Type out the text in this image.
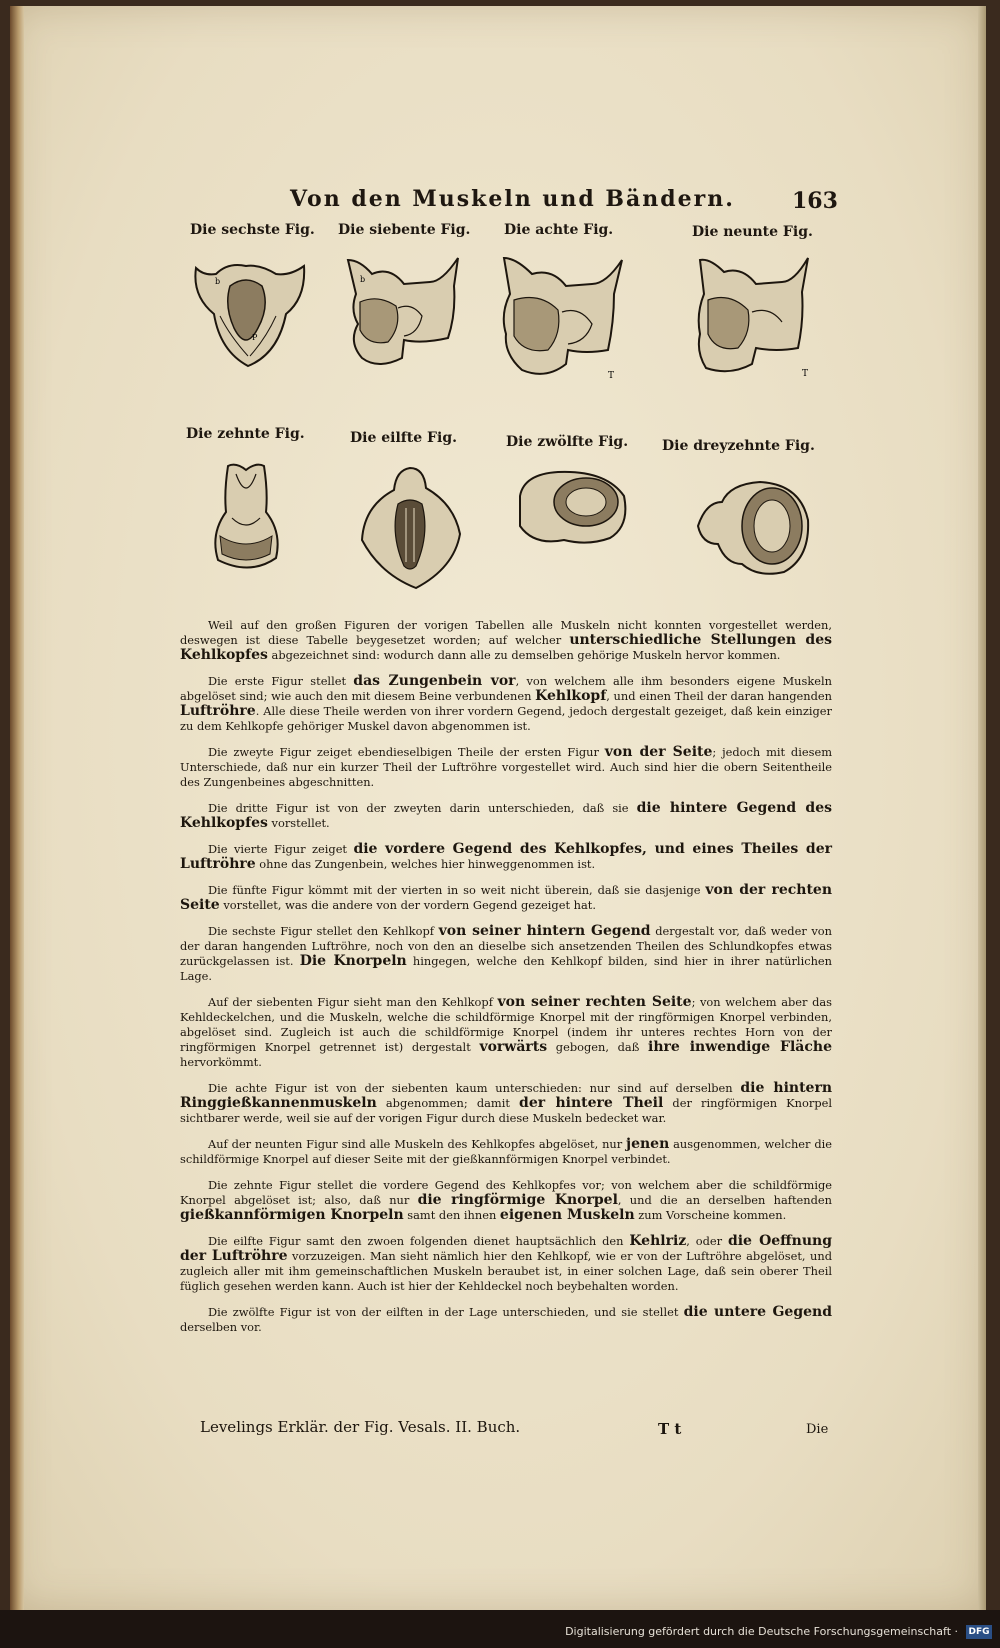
Von den Muskeln und Bändern.	163
Die sechste Fig. Die siebente Fig. Die achte Fig.	Die neunte Fig.
b
P
b
T	T
Die zehnte Fig.	Die eilfte Fig.	Die zwölfte Fig. Die dreyzehnte Fig.

Weil auf den großen Figuren der vorigen Tabellen alle Muskeln nicht konnten vorgestellet werden, deswegen ist diese Tabelle beygesetzet worden; auf welcher unterschiedliche Stellungen des Kehlkopfes abgezeichnet sind: wodurch dann alle zu demselben gehörige Muskeln hervor kommen.

Die erste Figur stellet das Zungenbein vor, von welchem alle ihm besonders eigene Muskeln abgelöset sind; wie auch den mit diesem Beine verbundenen Kehlkopf, und einen Theil der daran hangenden Luftröhre. Alle diese Theile werden von ihrer vordern Gegend, jedoch dergestalt gezeiget, daß kein einziger zu dem Kehlkopfe gehöriger Muskel davon abgenommen ist.

Die zweyte Figur zeiget ebendieselbigen Theile der ersten Figur von der Seite; jedoch mit diesem Unterschiede, daß nur ein kurzer Theil der Luftröhre vorgestellet wird. Auch sind hier die obern Seitentheile des Zungenbeines abgeschnitten.

Die dritte Figur ist von der zweyten darin unterschieden, daß sie die hintere Gegend des Kehlkopfes vorstellet.

Die vierte Figur zeiget die vordere Gegend des Kehlkopfes, und eines Theiles der Luftröhre ohne das Zungenbein, welches hier hinweggenommen ist.

Die fünfte Figur kömmt mit der vierten in so weit nicht überein, daß sie dasjenige von der rechten Seite vorstellet, was die andere von der vordern Gegend gezeiget hat.

Die sechste Figur stellet den Kehlkopf von seiner hintern Gegend dergestalt vor, daß weder von der daran hangenden Luftröhre, noch von den an dieselbe sich ansetzenden Theilen des Schlundkopfes etwas zurückgelassen ist. Die Knorpeln hingegen, welche den Kehlkopf bilden, sind hier in ihrer natürlichen Lage.

Auf der siebenten Figur sieht man den Kehlkopf von seiner rechten Seite; von welchem aber das Kehldeckelchen, und die Muskeln, welche die schildförmige Knorpel mit der ringförmigen Knorpel verbinden, abgelöset sind. Zugleich ist auch die schildförmige Knorpel (indem ihr unteres rechtes Horn von der ringförmigen Knorpel getrennet ist) dergestalt vorwärts gebogen, daß ihre inwendige Fläche hervorkömmt.

Die achte Figur ist von der siebenten kaum unterschieden: nur sind auf derselben die hintern Ringgießkannenmuskeln abgenommen; damit der hintere Theil der ringförmigen Knorpel sichtbarer werde, weil sie auf der vorigen Figur durch diese Muskeln bedecket war.

Auf der neunten Figur sind alle Muskeln des Kehlkopfes abgelöset, nur jenen ausgenommen, welcher die schildförmige Knorpel auf dieser Seite mit der gießkannförmigen Knorpel verbindet.

Die zehnte Figur stellet die vordere Gegend des Kehlkopfes vor; von welchem aber die schildförmige Knorpel abgelöset ist; also, daß nur die ringförmige Knorpel, und die an derselben haftenden gießkannförmigen Knorpeln samt den ihnen eigenen Muskeln zum Vorscheine kommen.

Die eilfte Figur samt den zwoen folgenden dienet hauptsächlich den Kehlriz, oder die Oeffnung der Luftröhre vorzuzeigen. Man sieht nämlich hier den Kehlkopf, wie er von der Luftröhre abgelöset, und zugleich aller mit ihm gemeinschaftlichen Muskeln beraubet ist, in einer solchen Lage, daß sein oberer Theil füglich gesehen werden kann. Auch ist hier der Kehldeckel noch beybehalten worden.

Die zwölfte Figur ist von der eilften in der Lage unterschieden, und sie stellet die untere Gegend derselben vor.

Levelings Erklär. der Fig. Vesals. II. Buch.	T t	Die
Digitalisierung gefördert durch die Deutsche Forschungsgemeinschaft · DFG
